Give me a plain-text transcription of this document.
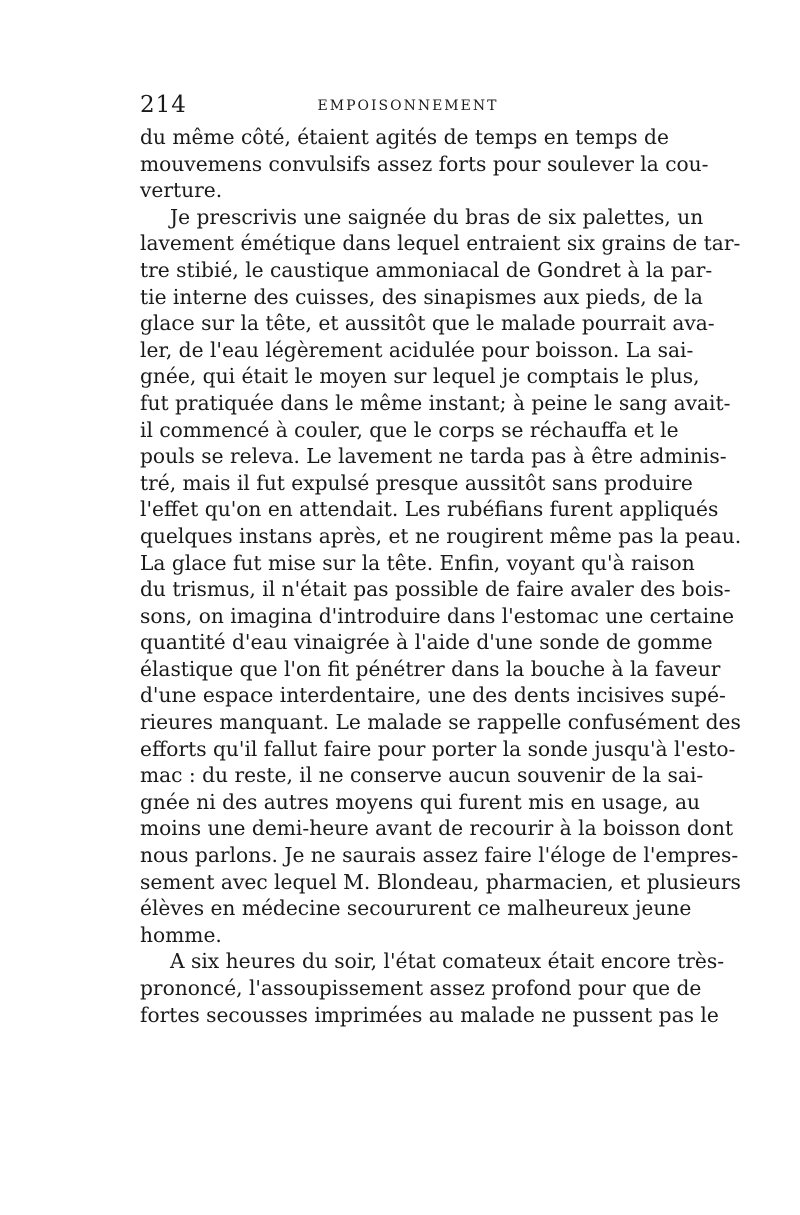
214	EMPOISONNEMENT
du même côté, étaient agités de temps en temps de
mouvemens convulsifs assez forts pour soulever la cou-
verture.
Je prescrivis une saignée du bras de six palettes, un
lavement émétique dans lequel entraient six grains de tar-
tre stibié, le caustique ammoniacal de Gondret à la par-
tie interne des cuisses, des sinapismes aux pieds, de la
glace sur la tête, et aussitôt que le malade pourrait ava-
ler, de l'eau légèrement acidulée pour boisson. La sai-
gnée, qui était le moyen sur lequel je comptais le plus,
fut pratiquée dans le même instant; à peine le sang avait-
il commencé à couler, que le corps se réchauffa et le
pouls se releva. Le lavement ne tarda pas à être adminis-
tré, mais il fut expulsé presque aussitôt sans produire
l'effet qu'on en attendait. Les rubéfians furent appliqués
quelques instans après, et ne rougirent même pas la peau.
La glace fut mise sur la tête. Enfin, voyant qu'à raison
du trismus, il n'était pas possible de faire avaler des bois-
sons, on imagina d'introduire dans l'estomac une certaine
quantité d'eau vinaigrée à l'aide d'une sonde de gomme
élastique que l'on fit pénétrer dans la bouche à la faveur
d'une espace interdentaire, une des dents incisives supé-
rieures manquant. Le malade se rappelle confusément des
efforts qu'il fallut faire pour porter la sonde jusqu'à l'esto-
mac : du reste, il ne conserve aucun souvenir de la sai-
gnée ni des autres moyens qui furent mis en usage, au
moins une demi-heure avant de recourir à la boisson dont
nous parlons. Je ne saurais assez faire l'éloge de l'empres-
sement avec lequel M. Blondeau, pharmacien, et plusieurs
élèves en médecine secoururent ce malheureux jeune
homme.
A six heures du soir, l'état comateux était encore très-
prononcé, l'assoupissement assez profond pour que de
fortes secousses imprimées au malade ne pussent pas le
